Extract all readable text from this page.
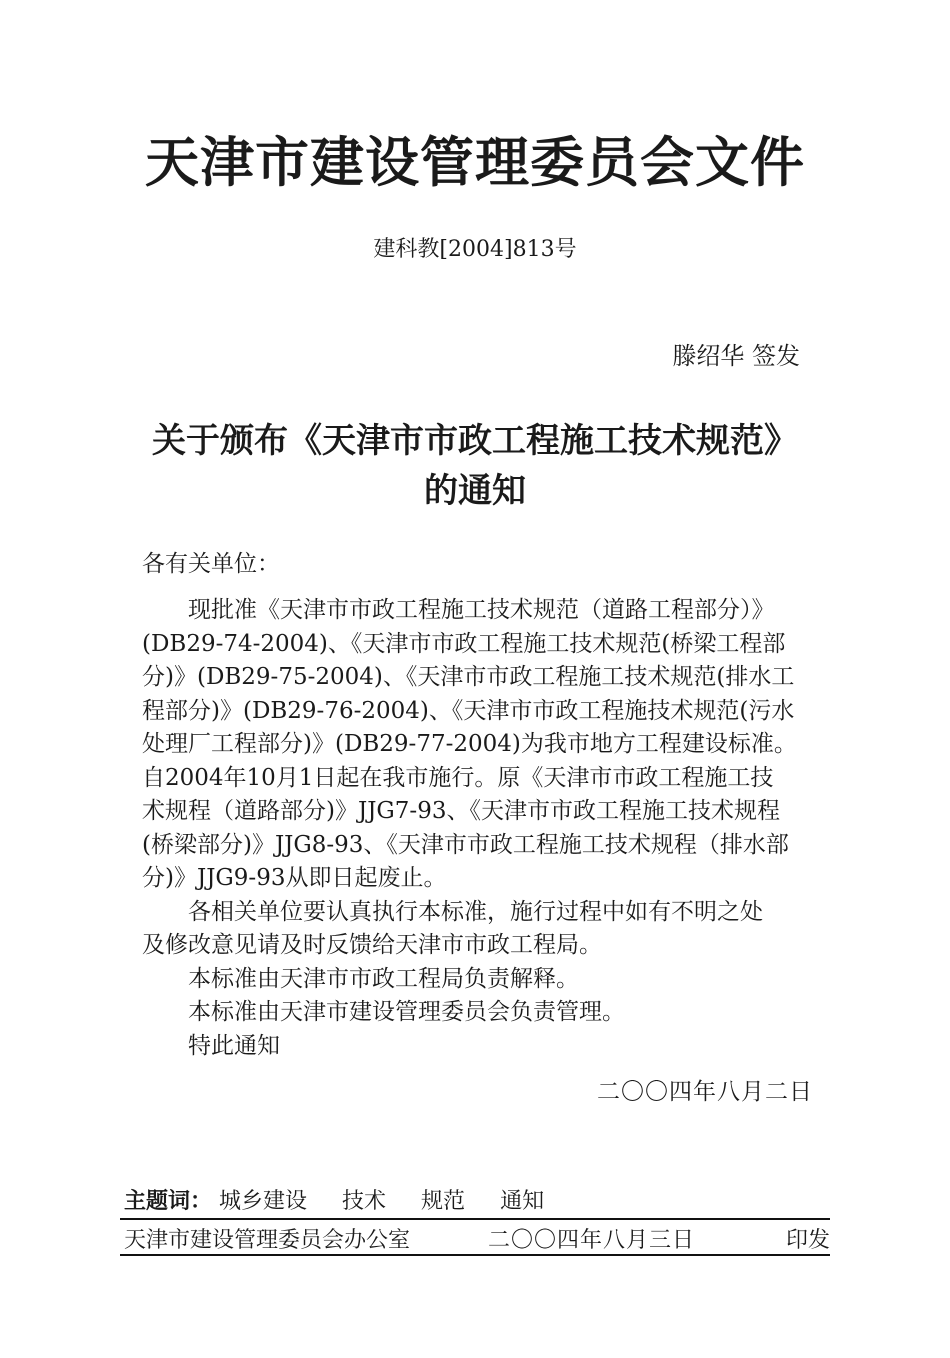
天津市建设管理委员会文件
建科教[2004]813号
滕绍华 签发
关于颁布《天津市市政工程施工技术规范》
的通知
各有关单位：
　　现批准《天津市市政工程施工技术规范（道路工程部分）》
(DB29-74-2004)、《天津市市政工程施工技术规范(桥梁工程部
分)》(DB29-75-2004)、《天津市市政工程施工技术规范(排水工
程部分)》(DB29-76-2004)、《天津市市政工程施技术规范(污水
处理厂工程部分)》(DB29-77-2004)为我市地方工程建设标准。
自2004年10月1日起在我市施行。原《天津市市政工程施工技
术规程（道路部分)》JJG7-93、《天津市市政工程施工技术规程
(桥梁部分)》JJG8-93、《天津市市政工程施工技术规程（排水部
分)》JJG9-93从即日起废止。
　　各相关单位要认真执行本标准，施行过程中如有不明之处
及修改意见请及时反馈给天津市市政工程局。
　　本标准由天津市市政工程局负责解释。
　　本标准由天津市建设管理委员会负责管理。
　　特此通知
二〇〇四年八月二日
主题词： 城乡建设 技术 规范 通知
天津市建设管理委员会办公室	二〇〇四年八月三日	印发
